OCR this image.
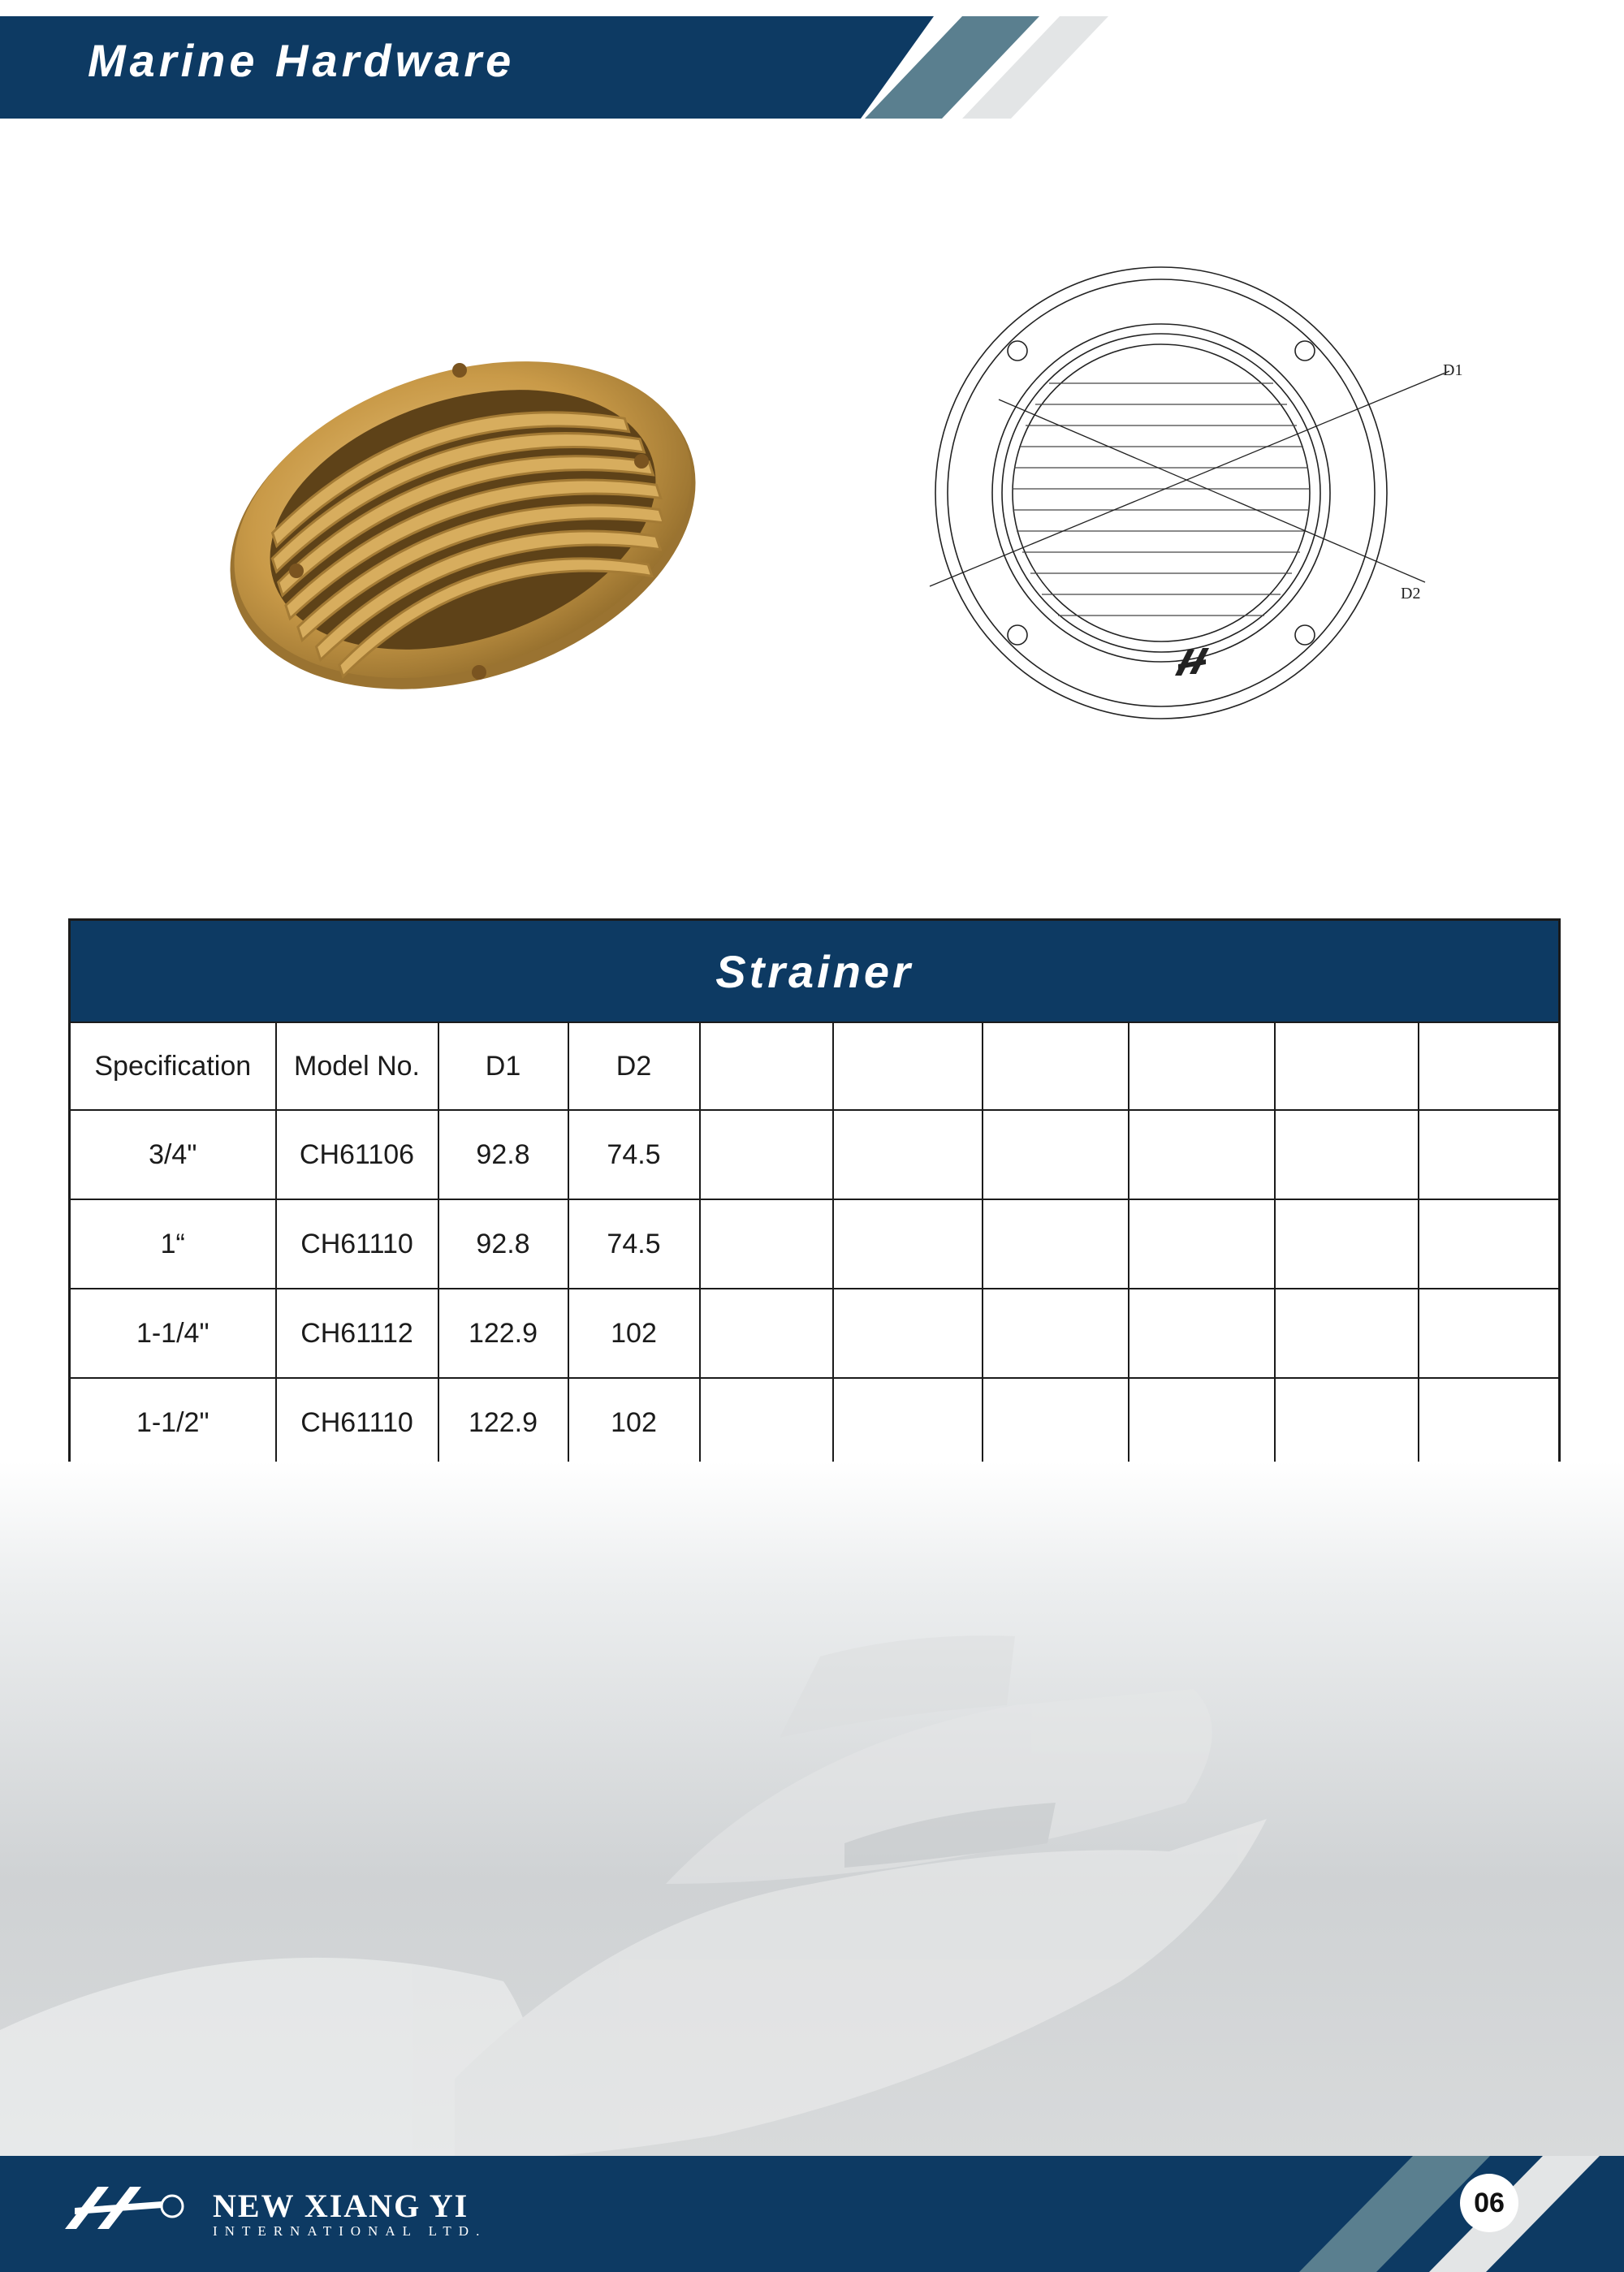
Marine Hardware
D1
D2
Strainer									
Specification	Model No.	D1	D2						
3/4"	CH61106	92.8	74.5						
1“	CH61110	92.8	74.5						
1-1/4"	CH61112	122.9	102						
1-1/2"	CH61110	122.9	102						
NEW XIANG YI
INTERNATIONAL LTD.
06
